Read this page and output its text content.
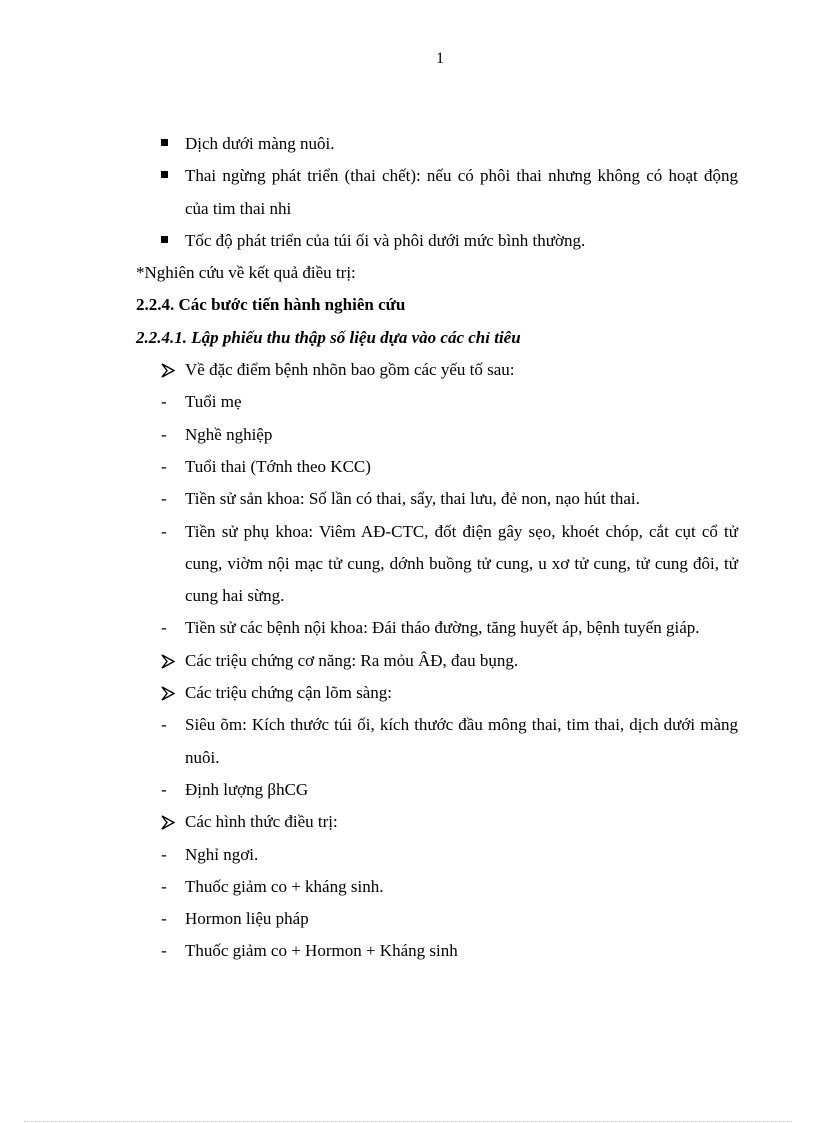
1
Dịch dưới màng nuôi.
Thai ngừng phát triển (thai chết): nếu có phôi thai nhưng không có hoạt động của tim thai nhi
Tốc độ phát triển của túi ối và phôi dưới mức bình thường.
*Nghiên cứu về kết quả điều trị:
2.2.4. Các bước tiến hành nghiên cứu
2.2.4.1. Lập phiếu thu thập số liệu dựa vào các chỉ tiêu
Về đặc điểm bệnh nhõn bao gồm các yếu tố sau:
-	Tuổi mẹ
-	Nghề nghiệp
-	Tuổi thai (Tớnh theo KCC)
-	Tiền sử sản khoa: Số lần có thai, sẩy, thai lưu, đẻ non, nạo hút thai.
-	Tiền sử phụ khoa: Viêm AĐ-CTC, đốt điện gây sẹo, khoét chóp, cắt cụt cổ tử cung, viờm nội mạc tử cung, dớnh buồng tử cung, u xơ tử cung, tử cung đôi, tử cung hai sừng.
-	Tiền sử các bệnh nội khoa: Đái tháo đường, tăng huyết áp, bệnh tuyến giáp.
Các triệu chứng cơ năng: Ra mỏu ÂĐ, đau bụng.
Các triệu chứng cận lõm sàng:
-	Siêu õm: Kích thước túi ối, kích thước đầu mông thai, tim thai, dịch dưới màng nuôi.
-	Định lượng βhCG
Các hình thức điều trị:
-	Nghỉ ngơi.
-	Thuốc giảm co + kháng sinh.
-	Hormon liệu pháp
-	Thuốc giảm co + Hormon + Kháng sinh
